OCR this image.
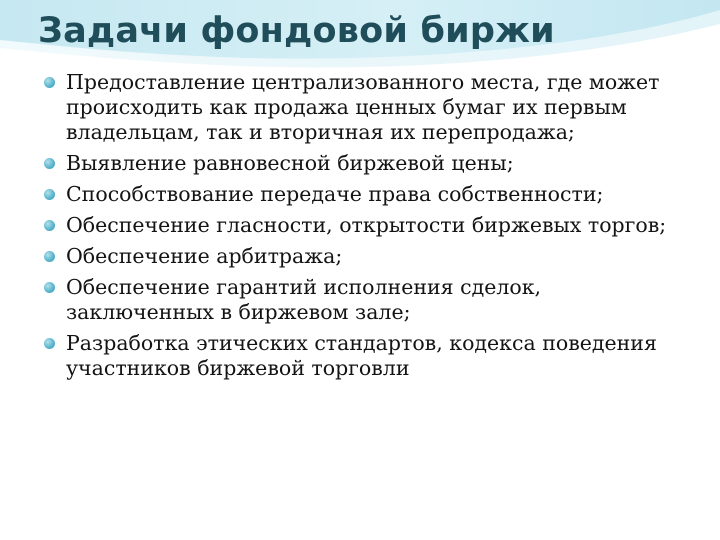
Задачи фондовой биржи
Предоставление централизованного места, где может происходить как продажа ценных бумаг их первым владельцам, так и вторичная их перепродажа;
Выявление равновесной биржевой цены;
Способствование передаче права собственности;
Обеспечение гласности, открытости биржевых торгов;
Обеспечение арбитража;
Обеспечение гарантий исполнения сделок, заключенных в биржевом зале;
Разработка этических стандартов, кодекса поведения участников биржевой торговли
